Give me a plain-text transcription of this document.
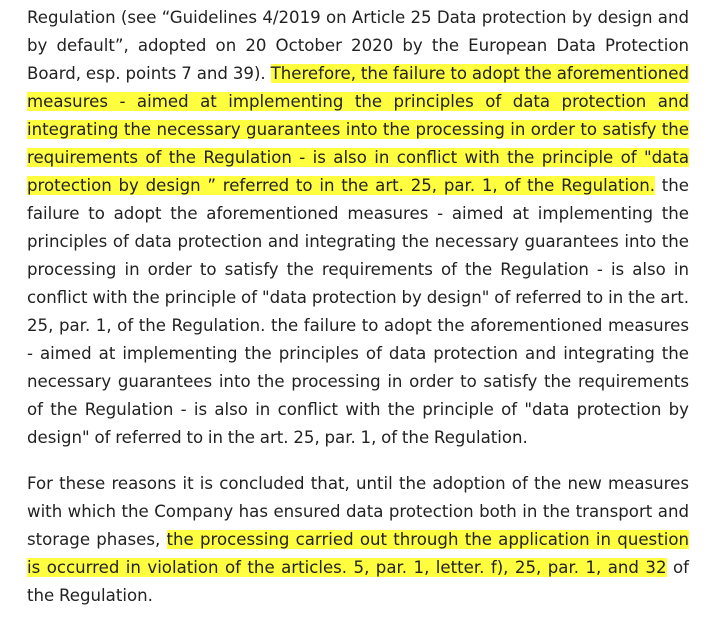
Regulation (see “Guidelines 4/2019 on Article 25 Data protection by design and by default”, adopted on 20 October 2020 by the European Data Protection Board, esp. points 7 and 39). Therefore, the failure to adopt the aforementioned measures - aimed at implementing the principles of data protection and integrating the necessary guarantees into the processing in order to satisfy the requirements of the Regulation - is also in conflict with the principle of "data protection by design ” referred to in the art. 25, par. 1, of the Regulation. the failure to adopt the aforementioned measures - aimed at implementing the principles of data protection and integrating the necessary guarantees into the processing in order to satisfy the requirements of the Regulation - is also in conflict with the principle of "data protection by design" of referred to in the art. 25, par. 1, of the Regulation. the failure to adopt the aforementioned measures - aimed at implementing the principles of data protection and integrating the necessary guarantees into the processing in order to satisfy the requirements of the Regulation - is also in conflict with the principle of "data protection by design" of referred to in the art. 25, par. 1, of the Regulation.

For these reasons it is concluded that, until the adoption of the new measures with which the Company has ensured data protection both in the transport and storage phases, the processing carried out through the application in question is occurred in violation of the articles. 5, par. 1, letter. f), 25, par. 1, and 32 of the Regulation.
